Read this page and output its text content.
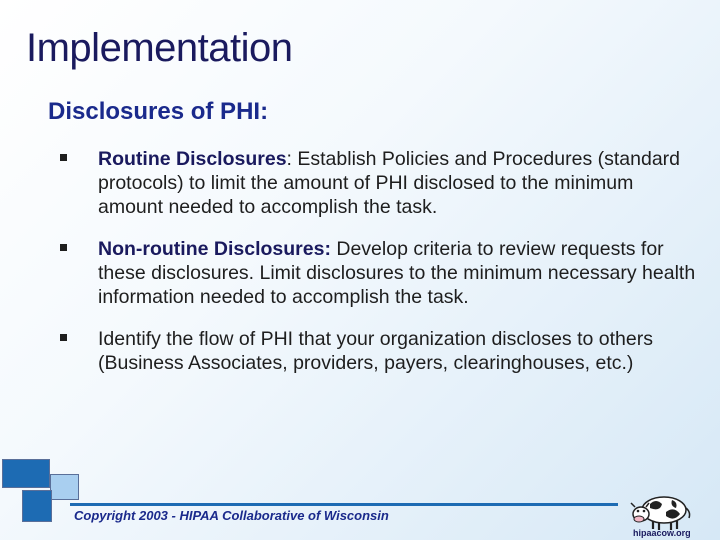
Implementation
Disclosures of PHI:
Routine Disclosures: Establish Policies and Procedures (standard protocols) to limit the amount of PHI disclosed to the minimum amount needed to accomplish the task.
Non-routine Disclosures: Develop criteria to review requests for these disclosures. Limit disclosures to the minimum necessary health information needed to accomplish the task.
Identify the flow of PHI that your organization discloses to others (Business Associates, providers, payers, clearinghouses, etc.)
Copyright 2003 - HIPAA Collaborative of Wisconsin
hipaacow.org
